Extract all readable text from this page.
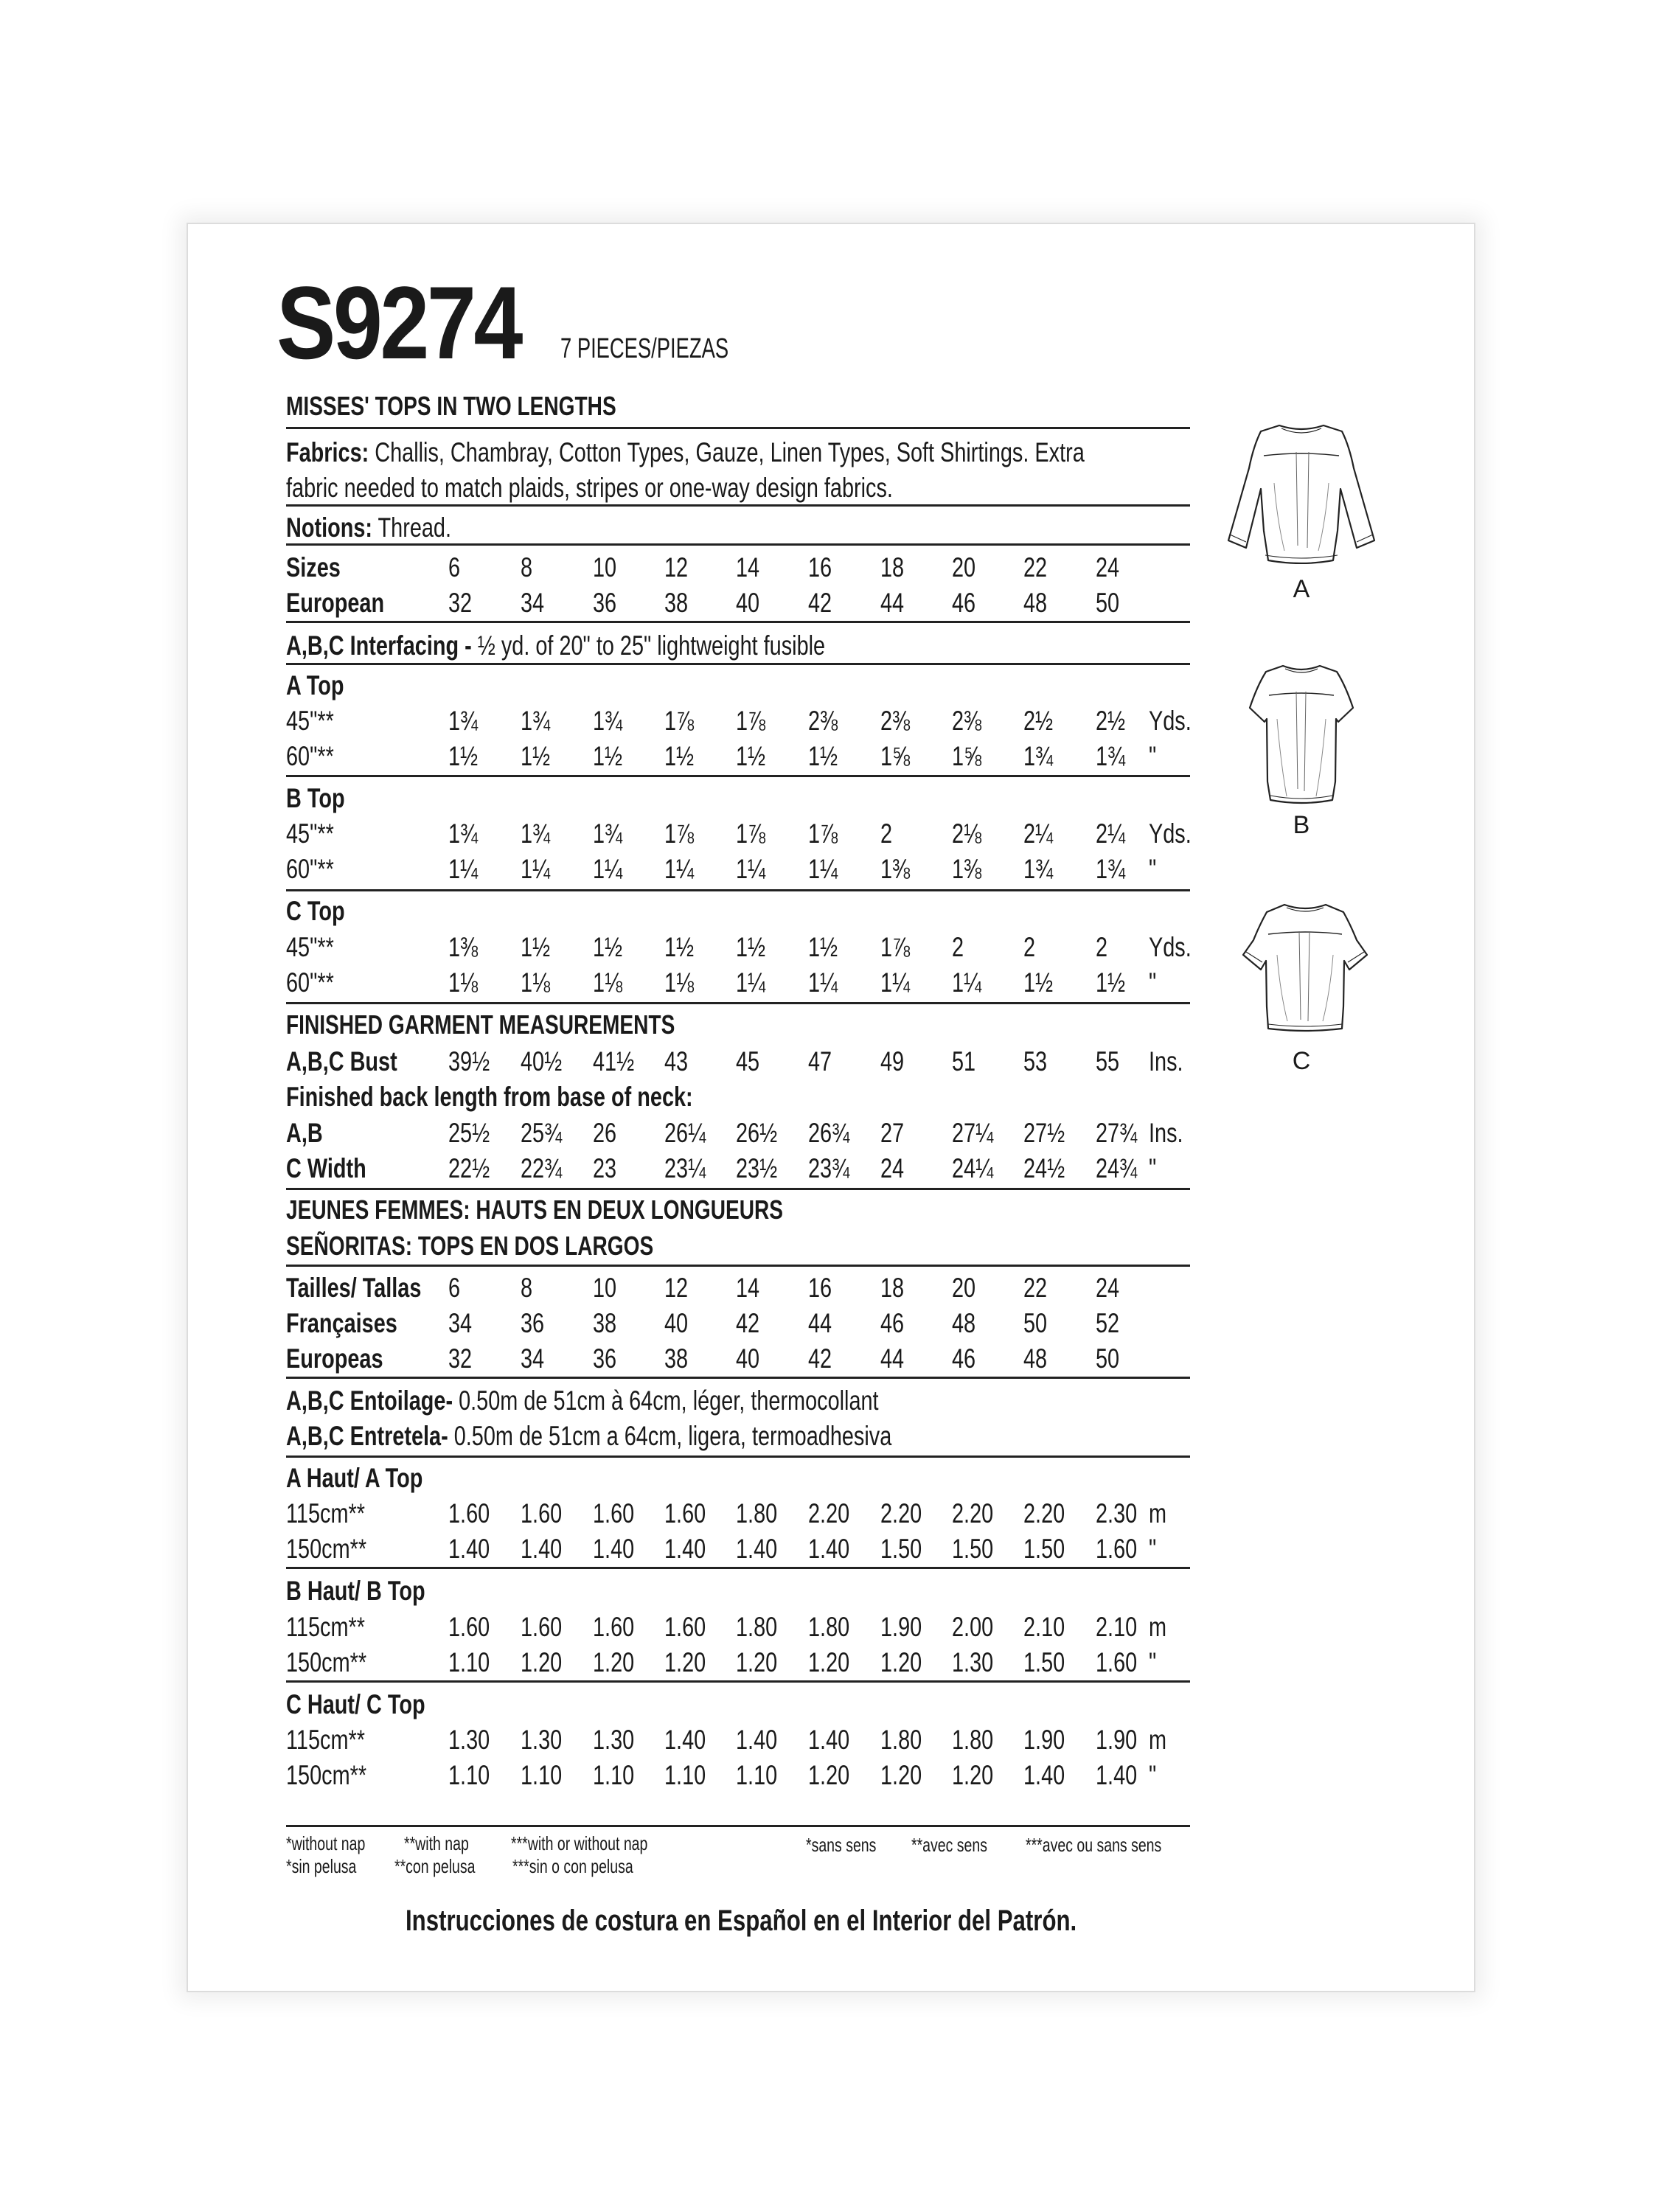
S9274	7 PIECES/PIEZAS
MISSES' TOPS IN TWO LENGTHS
Fabrics: Challis, Chambray, Cotton Types, Gauze, Linen Types, Soft Shirtings. Extra
fabric needed to match plaids, stripes or one-way design fabrics.
Notions: Thread.
Sizes	6 8 10 12 14 16 18 20 22 24
European	32 34 36 38 40 42 44 46 48 50
A,B,C Interfacing - ½ yd. of 20" to 25" lightweight fusible
A Top
45"**	1¾	1¾	1¾	1⅞	1⅞	2⅜	2⅜	2⅜	2½	2½ Yds.
60"**	1½	1½	1½	1½	1½	1½	1⅝	1⅝	1¾	1¾ "
B Top
45"**	1¾	1¾	1¾	1⅞	1⅞	1⅞	2 2⅛	2¼	2¼ Yds.
60"**	1¼	1¼	1¼	1¼	1¼	1¼	1⅜	1⅜	1¾	1¾ "
C Top
45"**	1⅜	1½	1½	1½	1½	1½	1⅞	2 2 2 Yds.
60"**	1⅛	1⅛	1⅛	1⅛	1¼	1¼	1¼	1¼	1½	1½ "
FINISHED GARMENT MEASUREMENTS
A,B,C Bust	39½	40½	41½	43 45 47 49 51 53 55 Ins.
Finished back length from base of neck:
A,B	25½	25¾	26 26¼	26½	26¾	27 27¼	27½	27¾ Ins.
C Width	22½	22¾	23 23¼	23½	23¾	24 24¼	24½	24¾ "
JEUNES FEMMES: HAUTS EN DEUX LONGUEURS
SEÑORITAS: TOPS EN DOS LARGOS
Tailles/ Tallas 6 8 10 12 14 16 18 20 22 24
Françaises	34 36 38 40 42 44 46 48 50 52
Europeas	32 34 36 38 40 42 44 46 48 50
A,B,C Entoilage- 0.50m de 51cm à 64cm, léger, thermocollant
A,B,C Entretela- 0.50m de 51cm a 64cm, ligera, termoadhesiva
A Haut/ A Top
115cm**	1.60	1.60	1.60	1.60	1.80	2.20	2.20	2.20	2.20	2.30 m
150cm**	1.40	1.40	1.40	1.40	1.40	1.40	1.50	1.50	1.50	1.60 "
B Haut/ B Top
115cm**	1.60	1.60	1.60	1.60	1.80	1.80	1.90	2.00	2.10	2.10 m
150cm**	1.10	1.20	1.20	1.20	1.20	1.20	1.20	1.30	1.50	1.60 "
C Haut/ C Top
115cm**	1.30	1.30	1.30	1.40	1.40	1.40	1.80	1.80	1.90	1.90 m
150cm**	1.10	1.10	1.10	1.10	1.10	1.20	1.20	1.20	1.40	1.40 "
*without nap	**with nap	***with or without nap
*sin pelusa	**con pelusa	***sin o con pelusa
*sans sens	**avec sens	***avec ou sans sens
Instrucciones de costura en Español en el Interior del Patrón.
A
B
C
